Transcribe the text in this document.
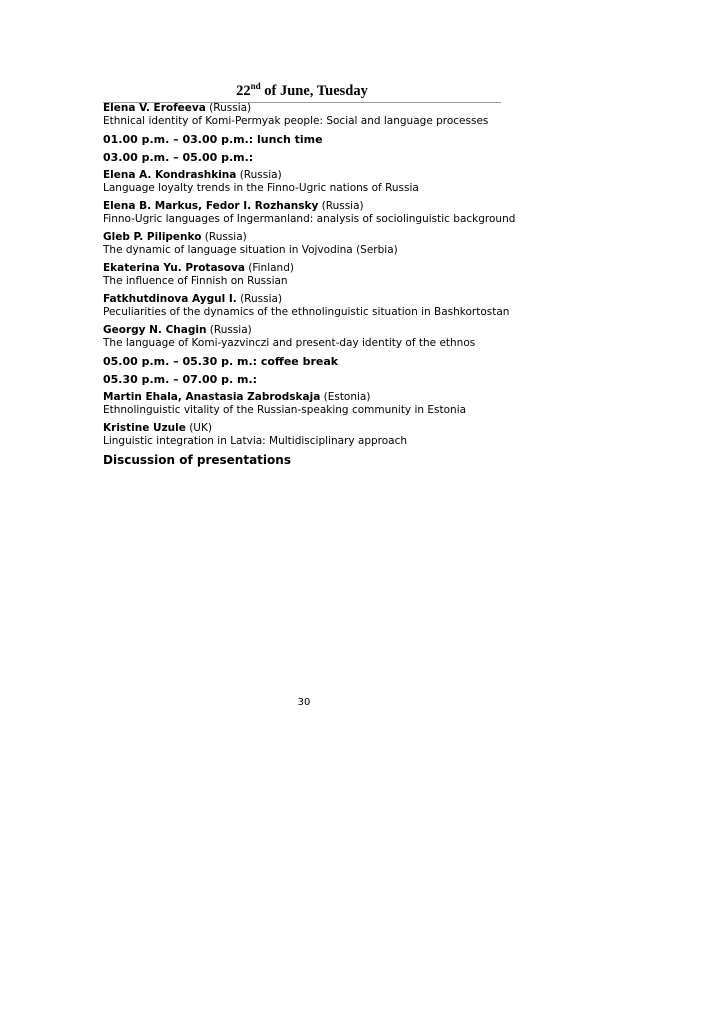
22nd of June, Tuesday
Elena V. Erofeeva (Russia)
Ethnical identity of Komi-Permyak people: Social and language processes
01.00 p.m. – 03.00 p.m.: lunch time
03.00 p.m. – 05.00 p.m.:
Elena A. Kondrashkina (Russia)
Language loyalty trends in the Finno-Ugric nations of Russia
Elena B. Markus, Fedor I. Rozhansky (Russia)
Finno-Ugric languages of Ingermanland: analysis of sociolinguistic background
Gleb P. Pilipenko (Russia)
The dynamic of language situation in Vojvodina (Serbia)
Ekaterina Yu. Protasova (Finland)
The influence of Finnish on Russian
Fatkhutdinova Aygul I. (Russia)
Peculiarities of the dynamics of the ethnolinguistic situation in Bashkortostan
Georgy N. Chagin (Russia)
The language of Komi-yazvinczi and present-day identity of the ethnos
05.00 p.m. – 05.30 p. m.: coffee break
05.30 p.m. – 07.00 p. m.:
Martin Ehala, Anastasia Zabrodskaja (Estonia)
Ethnolinguistic vitality of the Russian-speaking community in Estonia
Kristine Uzule (UK)
Linguistic integration in Latvia: Multidisciplinary approach
Discussion of presentations
30
